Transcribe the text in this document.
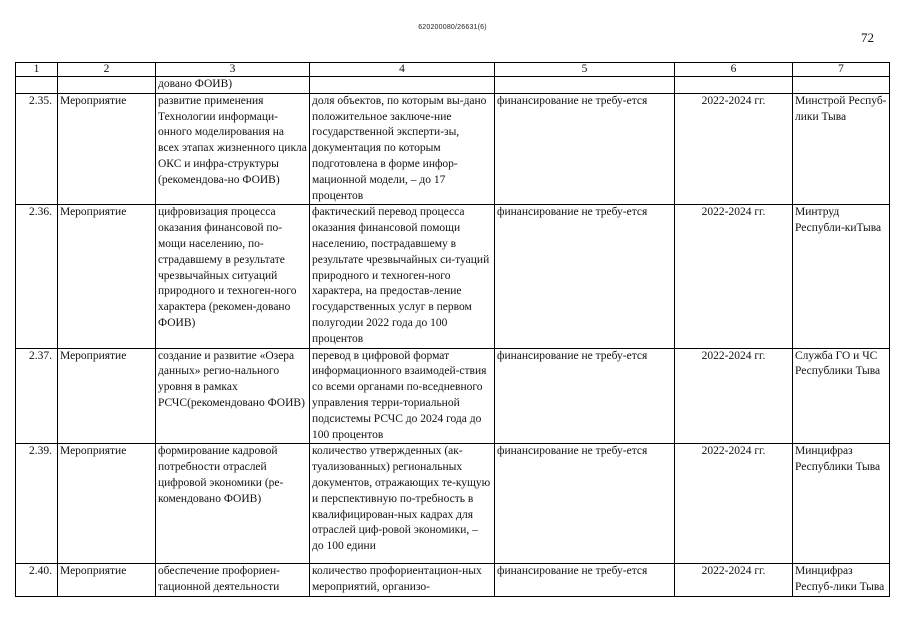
620200080/26631(6)
72
1	2	3	4	5	6	7
		дoвано ФОИВ)				
2.35.	Мероприятие	развитие применения Технологии информаци-онного моделирования на всех этапах жизненного цикла ОКС и инфра-структуры (рекомендова-но ФОИВ)	доля объектов, по которым вы-дано положительное заключе-ние государственной эксперти-зы, документация по которым подготовлена в форме инфор-мационной модели, – до 17 процентов	финансирование не требу-ется	2022-2024 гг.	Минстрой Респуб-лики Тыва
2.36.	Мероприятие	цифровизация процесса оказания финансовой по-мощи населению, по-страдавшему в результате чрезвычайных ситуаций природного и техноген-ного характера (рекомен-довано ФОИВ)	фактический перевод процесса оказания финансовой помощи населению, пострадавшему в результате чрезвычайных си-туаций природного и техноген-ного характера, на предостав-ление государственных услуг в первом полугодии 2022 года до 100 процентов	финансирование не требу-ется	2022-2024 гг.	Минтруд Республи-киТыва
2.37.	Мероприятие	создание и развитие «Озера данных» регио-нального уровня в рамках РСЧС(рекомендовано ФОИВ)	перевод в цифровой формат информационного взаимодей-ствия со всеми органами по-вседневного управления терри-ториальной подсистемы РСЧС до 2024 года до 100 процентов	финансирование не требу-ется	2022-2024 гг.	Служба ГО и ЧС Республики Тыва
2.39.	Мероприятие	формирование кадровой потребности отраслей цифровой экономики (ре-комендовано ФОИВ)	количество утвержденных (ак-туализованных) региональных документов, отражающих те-кущую и перспективную по-требность в квалифицирован-ных кадрах для отраслей циф-ровой экономики, – до 100 едини	финансирование не требу-ется	2022-2024 гг.	Минцифраз Республики Тыва
2.40.	Мероприятие	обеспечение профориен-тационной деятельности	количество профориентацион-ных мероприятий, организо-	финансирование не требу-ется	2022-2024 гг.	Минцифраз Респуб-лики Тыва
